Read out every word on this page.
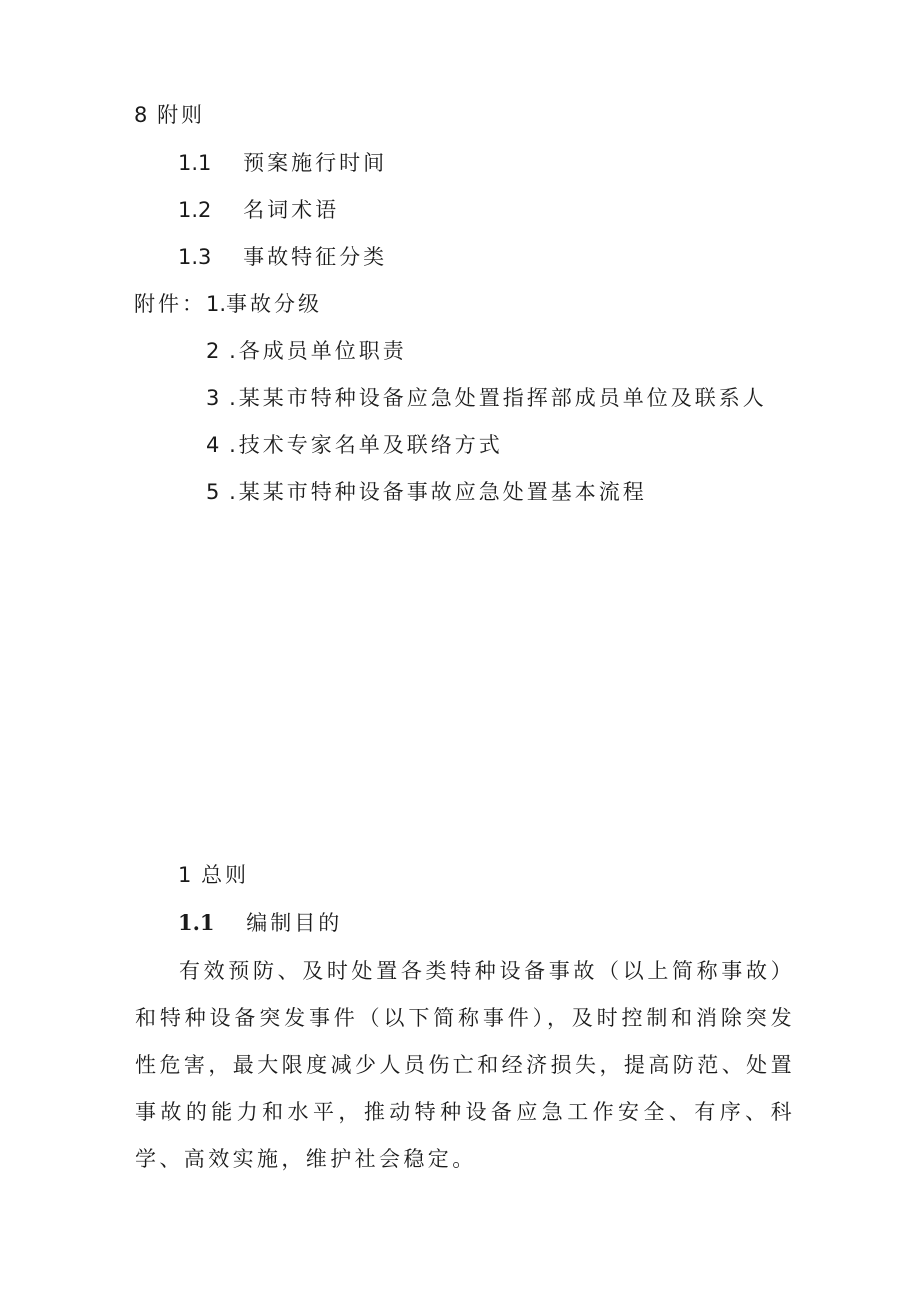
8 附则
1.1 预案施行时间
1.2 名词术语
1.3 事故特征分类
附件：1.事故分级
2 .各成员单位职责
3 .某某市特种设备应急处置指挥部成员单位及联系人
4 .技术专家名单及联络方式
5 .某某市特种设备事故应急处置基本流程
1 总则
1.1 编制目的
有效预防、及时处置各类特种设备事故（以上简称事故）和特种设备突发事件（以下简称事件），及时控制和消除突发性危害，最大限度减少人员伤亡和经济损失，提高防范、处置事故的能力和水平，推动特种设备应急工作安全、有序、科学、高效实施，维护社会稳定。
